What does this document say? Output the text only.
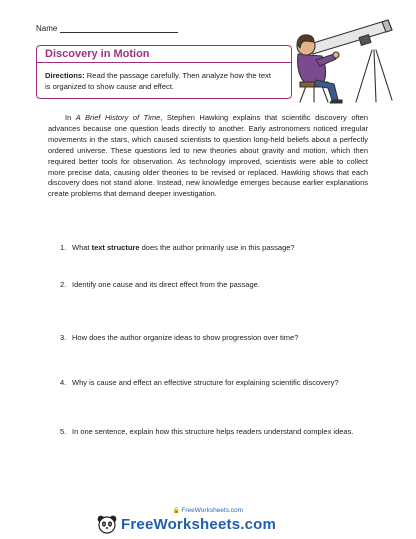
Name
Discovery in Motion
Directions: Read the passage carefully. Then analyze how the text is organized to show cause and effect.
In A Brief History of Time, Stephen Hawking explains that scientific discovery often advances because one question leads directly to another. Early astronomers noticed irregular movements in the stars, which caused scientists to question long-held beliefs about a perfectly ordered universe. These questions led to new theories about gravity and motion, which then required better tools for observation. As technology improved, scientists were able to collect more precise data, causing older theories to be revised or replaced. Hawking shows that each discovery does not stand alone. Instead, new knowledge emerges because earlier explanations create problems that demand deeper investigation.
1. What text structure does the author primarily use in this passage?
2. Identify one cause and its direct effect from the passage.
3. How does the author organize ideas to show progression over time?
4. Why is cause and effect an effective structure for explaining scientific discovery?
5. In one sentence, explain how this structure helps readers understand complex ideas.
🔒FreeWorksheets.com
FreeWorksheets.com
